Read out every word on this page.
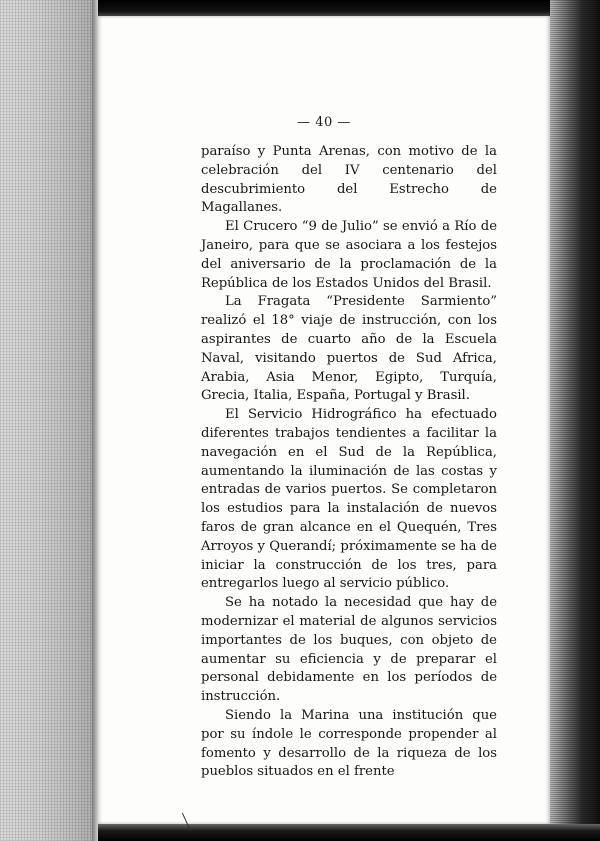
— 40 —

paraíso y Punta Arenas, con motivo de la celebración del IV centenario del descubrimiento del Estrecho de Magallanes.

El Crucero “9 de Julio” se envió a Río de Janeiro, para que se asociara a los festejos del aniversario de la proclamación de la República de los Estados Unidos del Brasil.

La Fragata “Presidente Sarmiento” realizó el 18° viaje de instrucción, con los aspirantes de cuarto año de la Escuela Naval, visitando puertos de Sud Africa, Arabia, Asia Menor, Egipto, Turquía, Grecia, Italia, España, Portugal y Brasil.

El Servicio Hidrográfico ha efectuado diferentes trabajos tendientes a facilitar la navegación en el Sud de la República, aumentando la iluminación de las costas y entradas de varios puertos. Se completaron los estudios para la instalación de nuevos faros de gran alcance en el Quequén, Tres Arroyos y Querandí; próximamente se ha de iniciar la construcción de los tres, para entregarlos luego al servicio público.

Se ha notado la necesidad que hay de modernizar el material de algunos servicios importantes de los buques, con objeto de aumentar su eficiencia y de preparar el personal debidamente en los períodos de instrucción.

Siendo la Marina una institución que por su índole le corresponde propender al fomento y desarrollo de la riqueza de los pueblos situados en el frente
